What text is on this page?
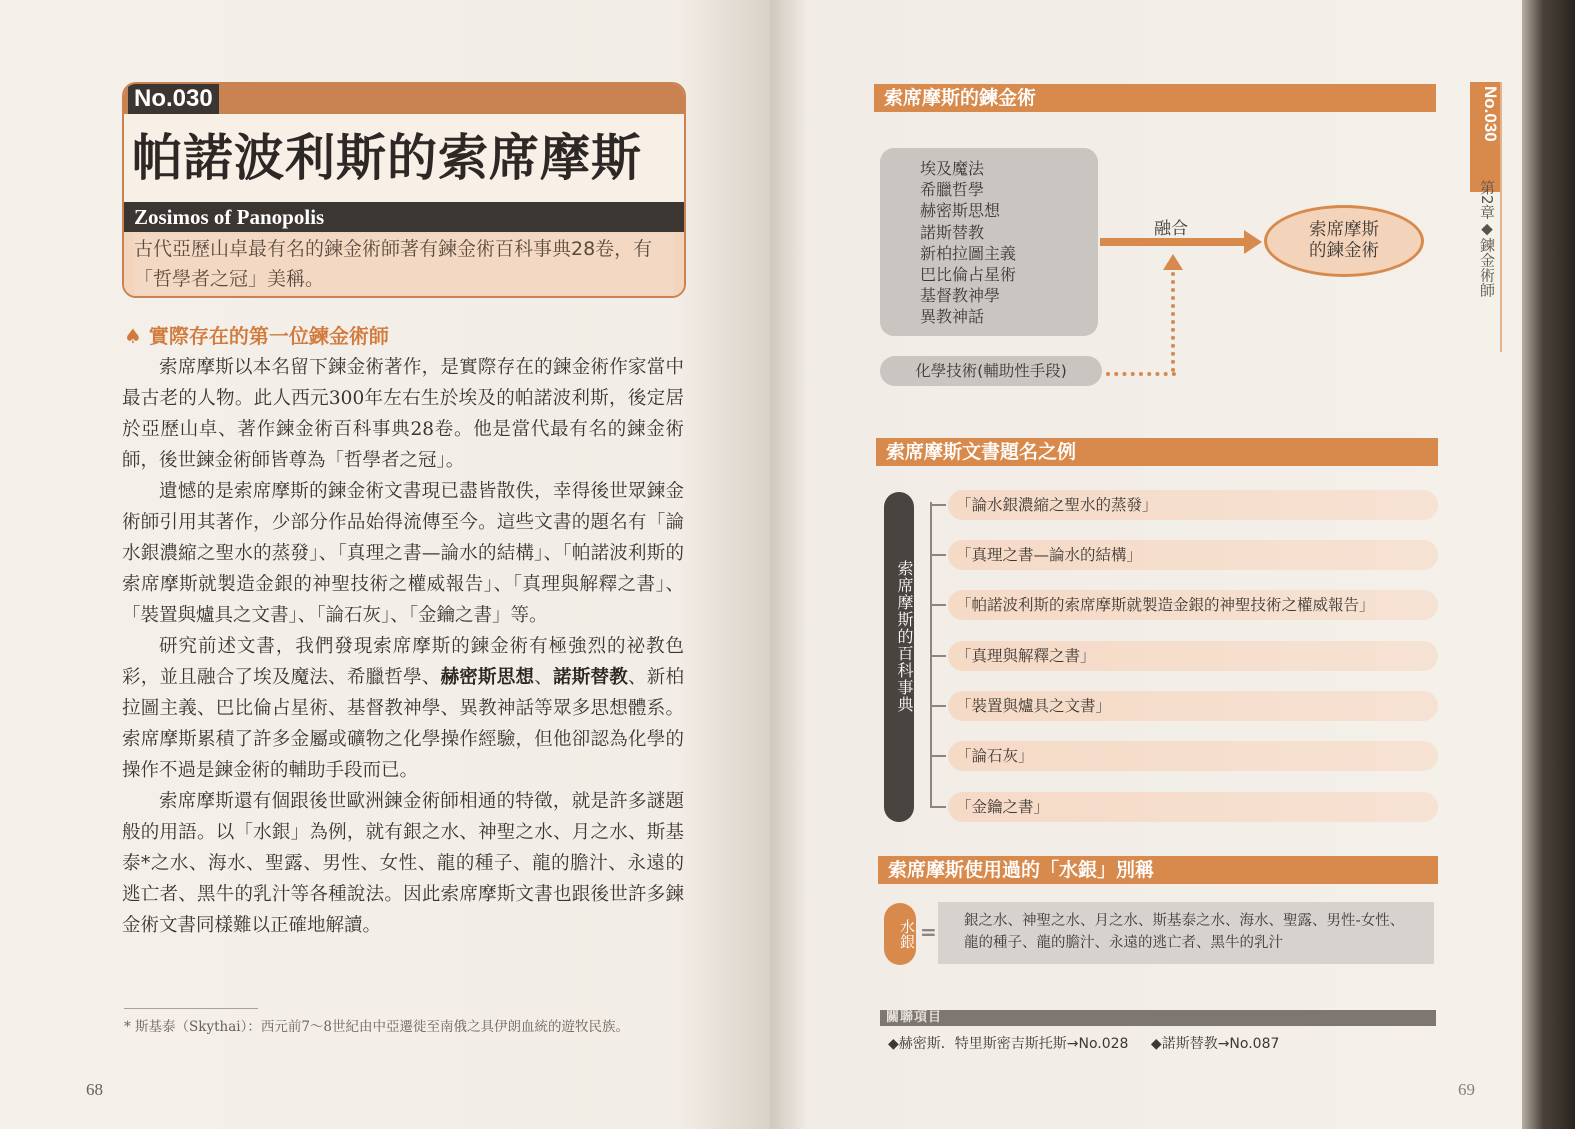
No.030
帕諾波利斯的索席摩斯
Zosimos of Panopolis
古代亞歷山卓最有名的鍊金術師著有鍊金術百科事典28卷，有「哲學者之冠」美稱。
♠ 實際存在的第一位鍊金術師

索席摩斯以本名留下鍊金術著作，是實際存在的鍊金術作家當中最古老的人物。此人西元300年左右生於埃及的帕諾波利斯，後定居於亞歷山卓、著作鍊金術百科事典28卷。他是當代最有名的鍊金術師，後世鍊金術師皆尊為「哲學者之冠」。

遺憾的是索席摩斯的鍊金術文書現已盡皆散佚，幸得後世眾鍊金術師引用其著作，少部分作品始得流傳至今。這些文書的題名有「論水銀濃縮之聖水的蒸發」、「真理之書—論水的結構」、「帕諾波利斯的索席摩斯就製造金銀的神聖技術之權威報告」、「真理與解釋之書」、「裝置與爐具之文書」、「論石灰」、「金鑰之書」等。

研究前述文書，我們發現索席摩斯的鍊金術有極強烈的祕教色彩，並且融合了埃及魔法、希臘哲學、赫密斯思想、諾斯替教、新柏拉圖主義、巴比倫占星術、基督教神學、異教神話等眾多思想體系。索席摩斯累積了許多金屬或礦物之化學操作經驗，但他卻認為化學的操作不過是鍊金術的輔助手段而已。

索席摩斯還有個跟後世歐洲鍊金術師相通的特徵，就是許多謎題般的用語。以「水銀」為例，就有銀之水、神聖之水、月之水、斯基泰*之水、海水、聖露、男性、女性、龍的種子、龍的膽汁、永遠的逃亡者、黑牛的乳汁等各種說法。因此索席摩斯文書也跟後世許多鍊金術文書同樣難以正確地解讀。

* 斯基泰（Skythai）：西元前7～8世紀由中亞遷徙至南俄之具伊朗血統的遊牧民族。
68
索席摩斯的鍊金術
埃及魔法
希臘哲學
赫密斯思想
諾斯替教
新柏拉圖主義
巴比倫占星術
基督教神學
異教神話
化學技術(輔助性手段)
融合	索席摩斯
的鍊金術
索席摩斯文書題名之例
索席摩斯的百科事典
「論水銀濃縮之聖水的蒸發」
「真理之書—論水的結構」
「帕諾波利斯的索席摩斯就製造金銀的神聖技術之權威報告」
「真理與解釋之書」
「裝置與爐具之文書」
「論石灰」
「金鑰之書」
索席摩斯使用過的「水銀」別稱
水銀 = 銀之水、神聖之水、月之水、斯基泰之水、海水、聖露、男性-女性、龍的種子、龍的膽汁、永遠的逃亡者、黑牛的乳汁
關聯項目
◆赫密斯．特里斯密吉斯托斯→No.028 ◆諾斯替教→No.087
No.030
第2章◆鍊金術師
69
